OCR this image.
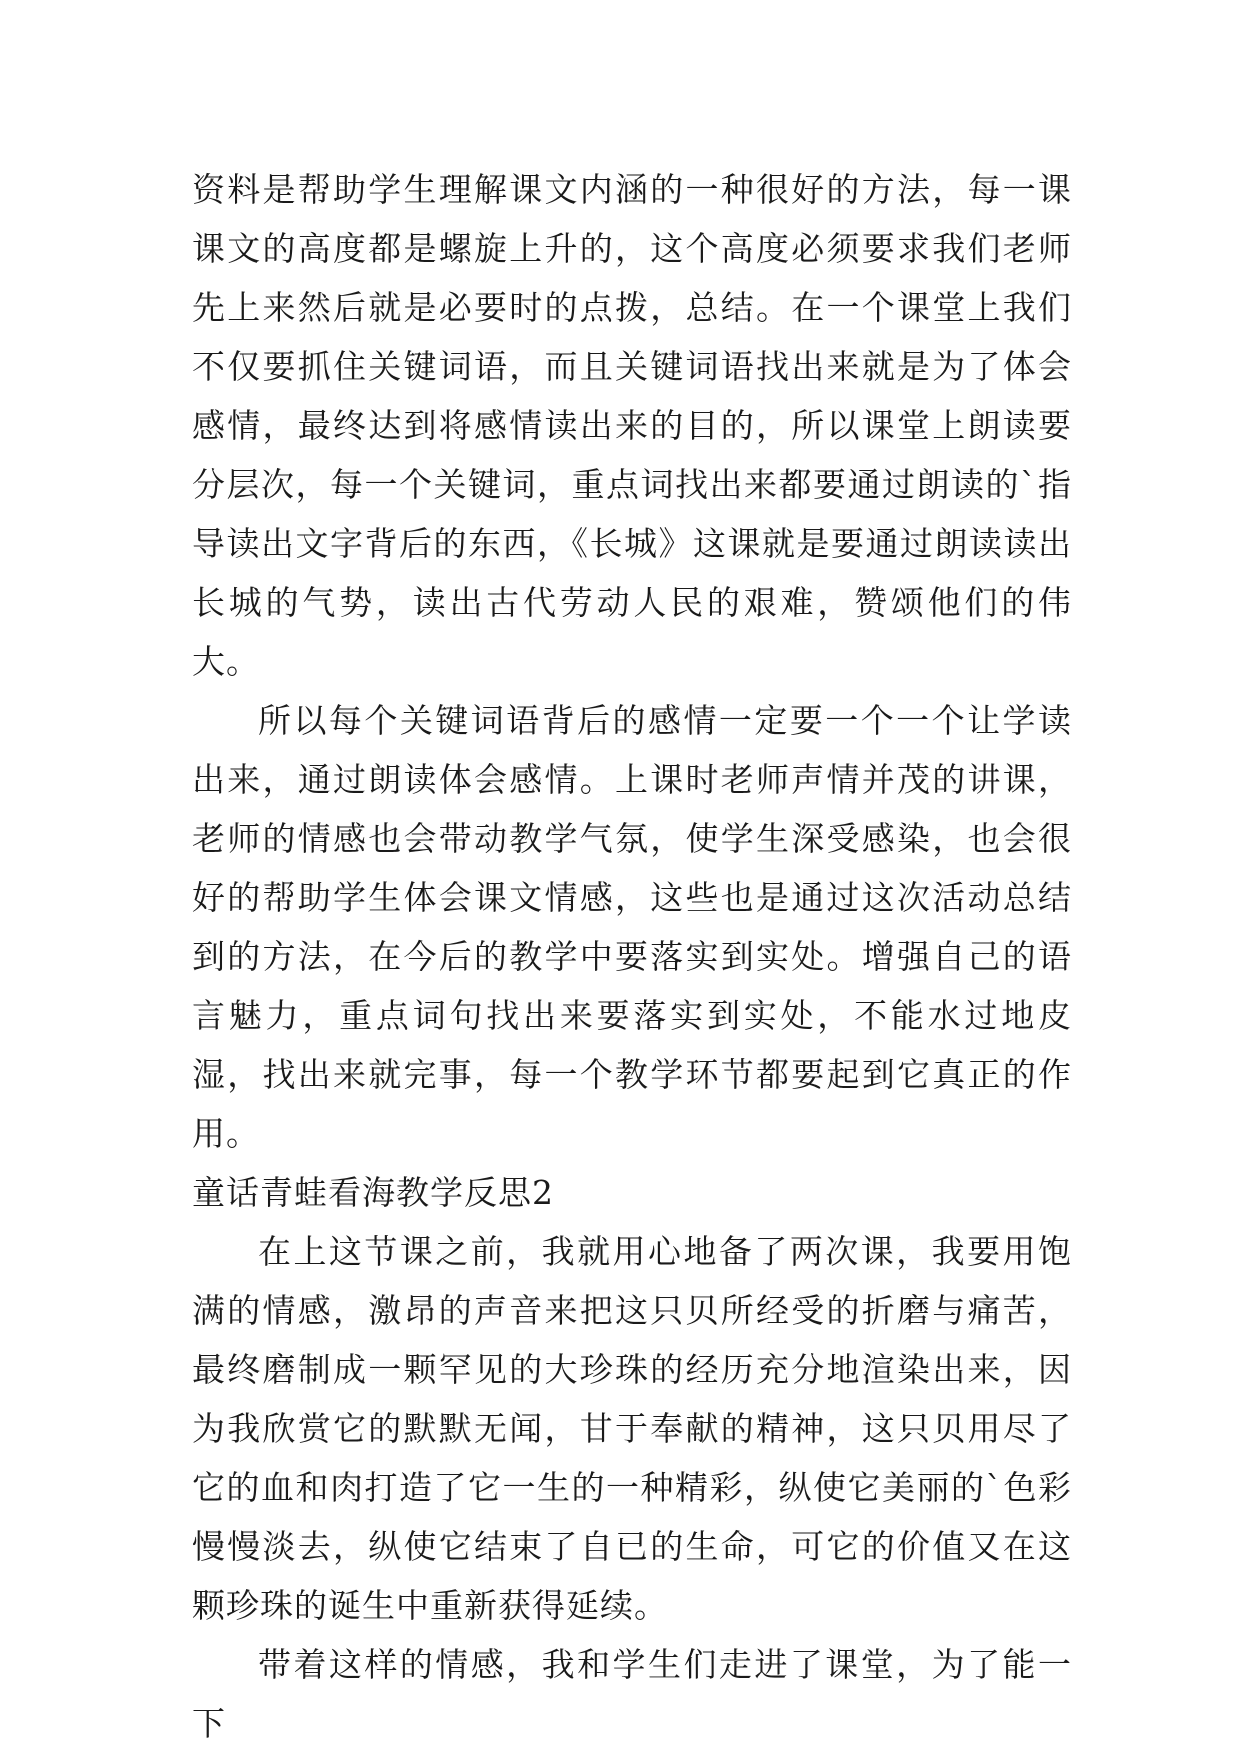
资料是帮助学生理解课文内涵的一种很好的方法，每一课课文的高度都是螺旋上升的，这个高度必须要求我们老师先上来然后就是必要时的点拨，总结。在一个课堂上我们不仅要抓住关键词语，而且关键词语找出来就是为了体会感情，最终达到将感情读出来的目的，所以课堂上朗读要分层次，每一个关键词，重点词找出来都要通过朗读的`指导读出文字背后的东西，《长城》这课就是要通过朗读读出长城的气势，读出古代劳动人民的艰难，赞颂他们的伟大。

所以每个关键词语背后的感情一定要一个一个让学读出来，通过朗读体会感情。上课时老师声情并茂的讲课，老师的情感也会带动教学气氛，使学生深受感染，也会很好的帮助学生体会课文情感，这些也是通过这次活动总结到的方法，在今后的教学中要落实到实处。增强自己的语言魅力，重点词句找出来要落实到实处，不能水过地皮湿，找出来就完事，每一个教学环节都要起到它真正的作用。

童话青蛙看海教学反思2

在上这节课之前，我就用心地备了两次课，我要用饱满的情感，激昂的声音来把这只贝所经受的折磨与痛苦，最终磨制成一颗罕见的大珍珠的经历充分地渲染出来，因为我欣赏它的默默无闻，甘于奉献的精神，这只贝用尽了它的血和肉打造了它一生的一种精彩，纵使它美丽的`色彩慢慢淡去，纵使它结束了自已的生命，可它的价值又在这颗珍珠的诞生中重新获得延续。

带着这样的情感，我和学生们走进了课堂，为了能一下
